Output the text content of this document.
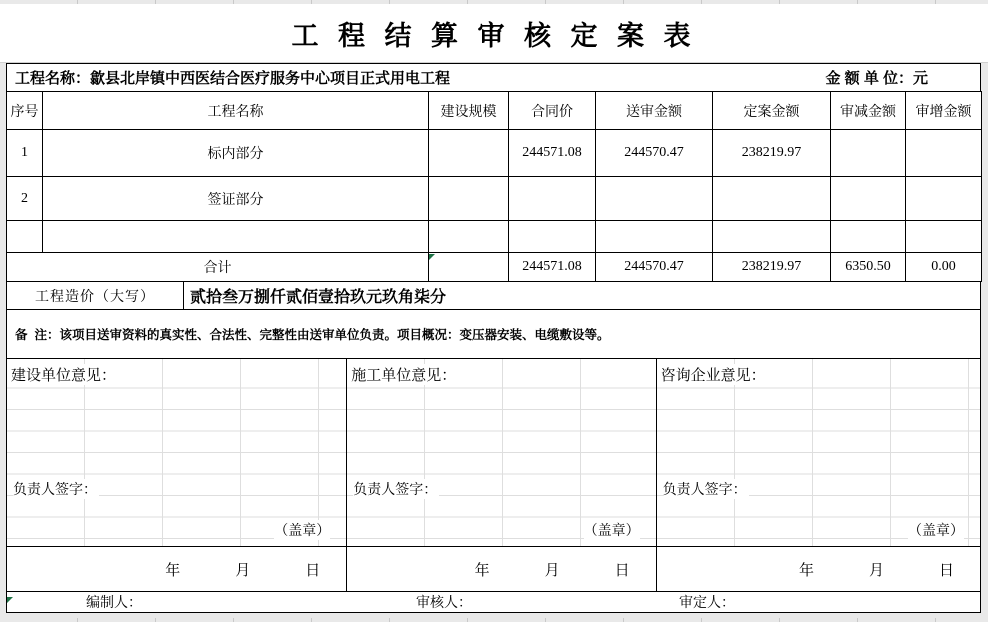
工 程 结 算 审 核 定 案 表
工程名称：歙县北岸镇中西医结合医疗服务中心项目正式用电工程	金 额 单 位：元
序号	工程名称	建设规模	合同价	送审金额	定案金额	审减金额	审增金额
1	标内部分		244571.08	244570.47	238219.97		
2	签证部分						

合计			244571.08	244570.47	238219.97	6350.50	0.00
工程造价（大写）	贰拾叁万捌仟贰佰壹拾玖元玖角柒分
备  注：该项目送审资料的真实性、合法性、完整性由送审单位负责。项目概况：变压器安装、电缆敷设等。
建设单位意见：
负责人签字：
（盖章）
施工单位意见：
负责人签字：
（盖章）
咨询企业意见：
负责人签字：
（盖章）
年	月	日	年	月	日	年	月	日
编制人：	审核人：	审定人：
